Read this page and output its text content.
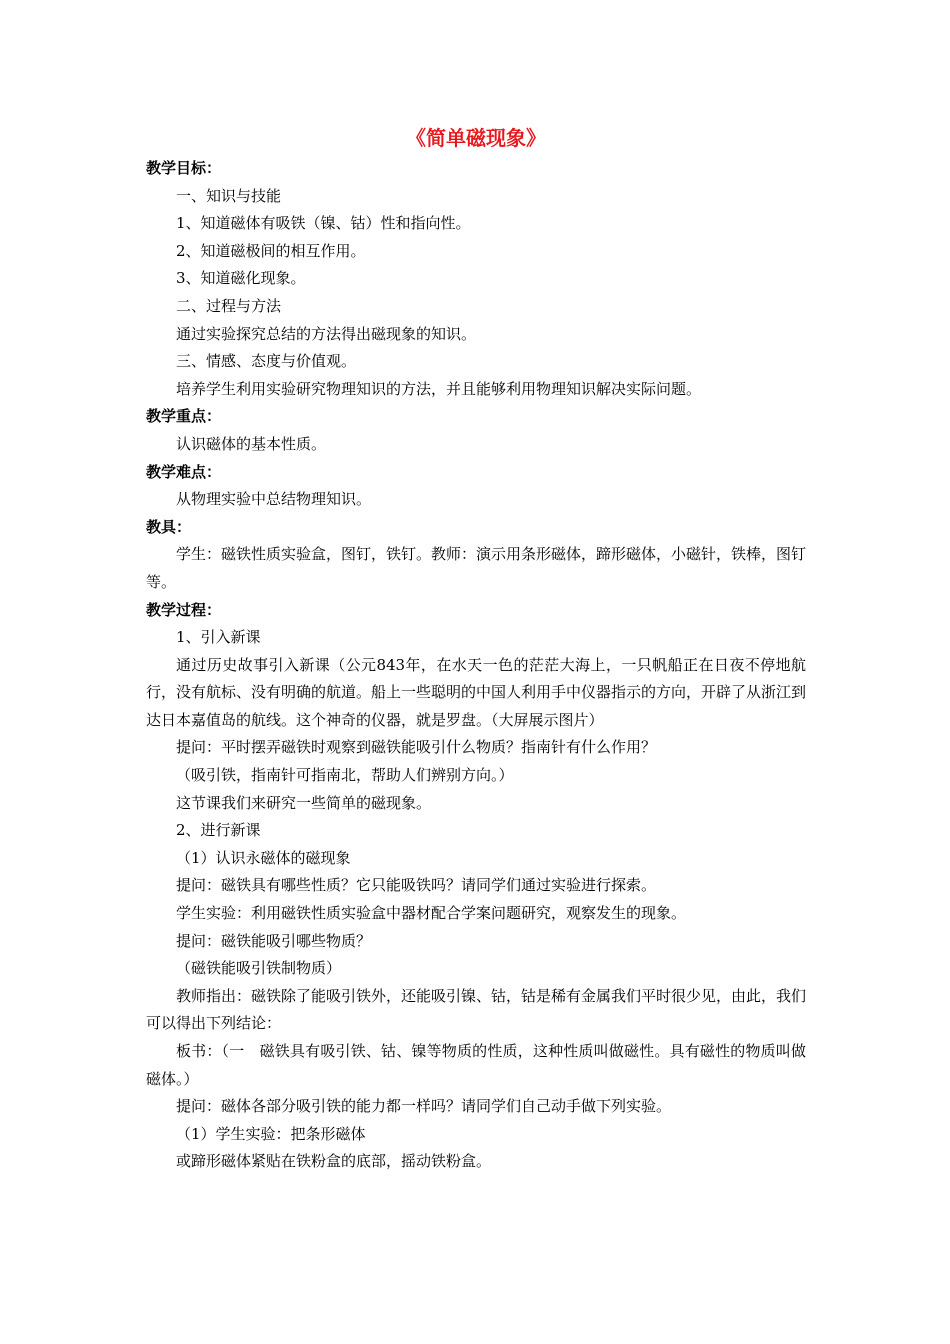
《简单磁现象》

教学目标：

一、知识与技能

1、知道磁体有吸铁（镍、钴）性和指向性。

2、知道磁极间的相互作用。

3、知道磁化现象。

二、过程与方法

通过实验探究总结的方法得出磁现象的知识。

三、情感、态度与价值观。

培养学生利用实验研究物理知识的方法，并且能够利用物理知识解决实际问题。

教学重点：

认识磁体的基本性质。

教学难点：

从物理实验中总结物理知识。

教具：

学生：磁铁性质实验盒，图钉，铁钉。教师：演示用条形磁体，蹄形磁体，小磁针，铁棒，图钉等。

教学过程：

1、引入新课

通过历史故事引入新课（公元843年，在水天一色的茫茫大海上，一只帆船正在日夜不停地航行，没有航标、没有明确的航道。船上一些聪明的中国人利用手中仪器指示的方向，开辟了从浙江到达日本嘉值岛的航线。这个神奇的仪器，就是罗盘。（大屏展示图片）

提问：平时摆弄磁铁时观察到磁铁能吸引什么物质？指南针有什么作用？

（吸引铁，指南针可指南北，帮助人们辨别方向。）

这节课我们来研究一些简单的磁现象。

2、进行新课

（1）认识永磁体的磁现象

提问：磁铁具有哪些性质？它只能吸铁吗？请同学们通过实验进行探索。

学生实验：利用磁铁性质实验盒中器材配合学案问题研究，观察发生的现象。

提问：磁铁能吸引哪些物质？

（磁铁能吸引铁制物质）

教师指出：磁铁除了能吸引铁外，还能吸引镍、钴，钴是稀有金属我们平时很少见，由此，我们可以得出下列结论：

板书：（一　磁铁具有吸引铁、钴、镍等物质的性质，这种性质叫做磁性。具有磁性的物质叫做磁体。）

提问：磁体各部分吸引铁的能力都一样吗？请同学们自己动手做下列实验。

（1）学生实验：把条形磁体

或蹄形磁体紧贴在铁粉盒的底部，摇动铁粉盒。
